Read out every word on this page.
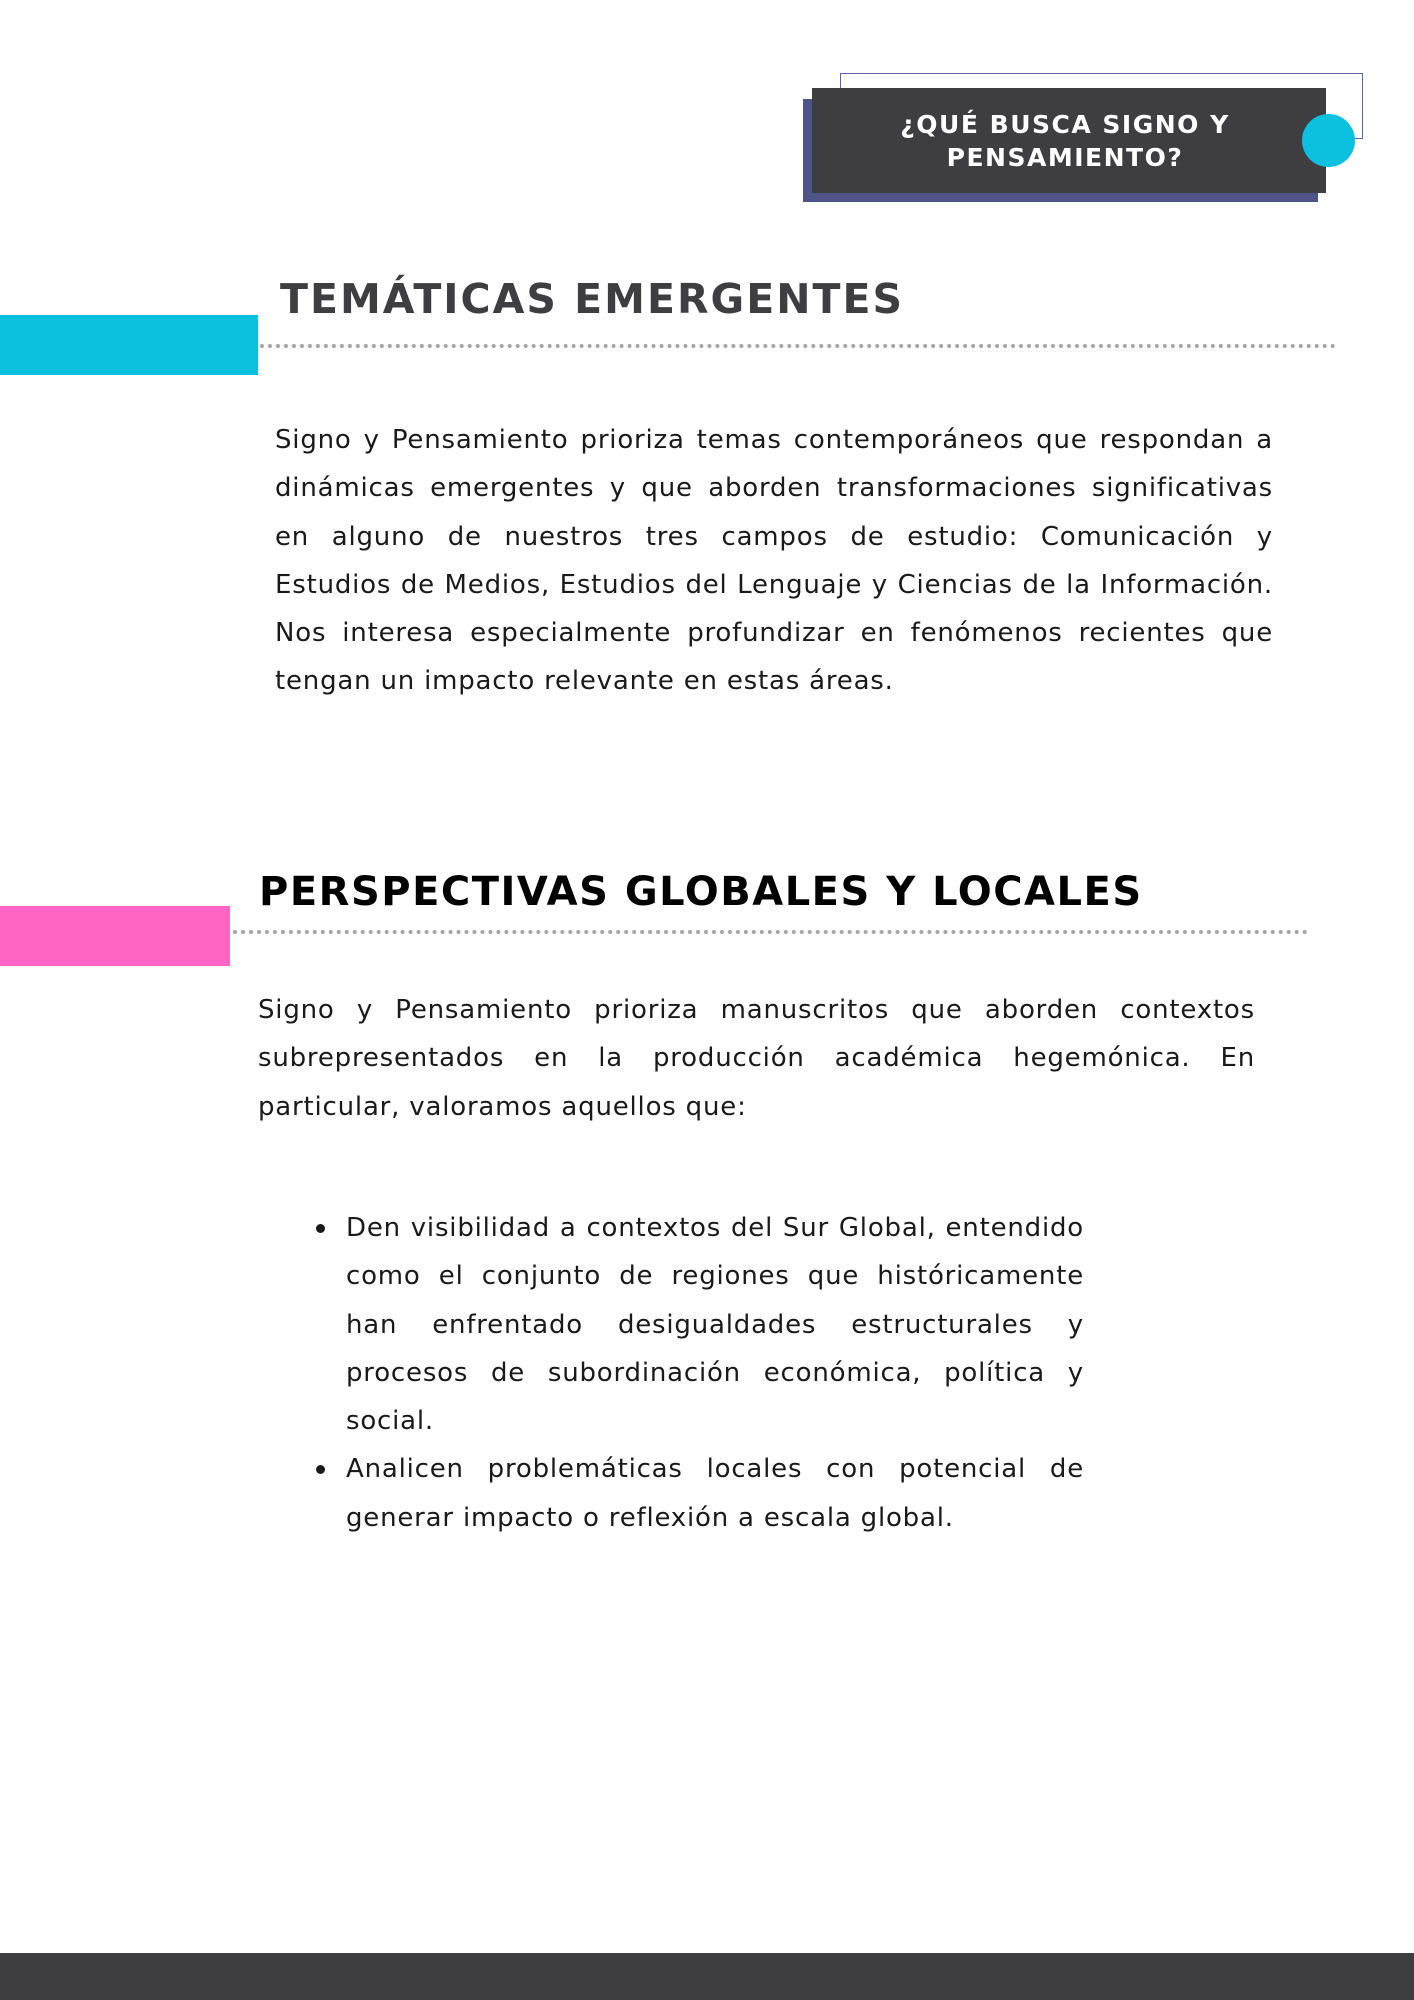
¿QUÉ BUSCA SIGNO Y PENSAMIENTO?
TEMÁTICAS EMERGENTES

Signo y Pensamiento prioriza temas contemporáneos que respondan a dinámicas emergentes y que aborden transformaciones significativas en alguno de nuestros tres campos de estudio: Comunicación y Estudios de Medios, Estudios del Lenguaje y Ciencias de la Información. Nos interesa especialmente profundizar en fenómenos recientes que tengan un impacto relevante en estas áreas.

PERSPECTIVAS GLOBALES Y LOCALES

Signo y Pensamiento prioriza manuscritos que aborden contextos subrepresentados en la producción académica hegemónica. En particular, valoramos aquellos que:

Den visibilidad a contextos del Sur Global, entendido como el conjunto de regiones que históricamente han enfrentado desigualdades estructurales y procesos de subordinación económica, política y social.
Analicen problemáticas locales con potencial de generar impacto o reflexión a escala global.
